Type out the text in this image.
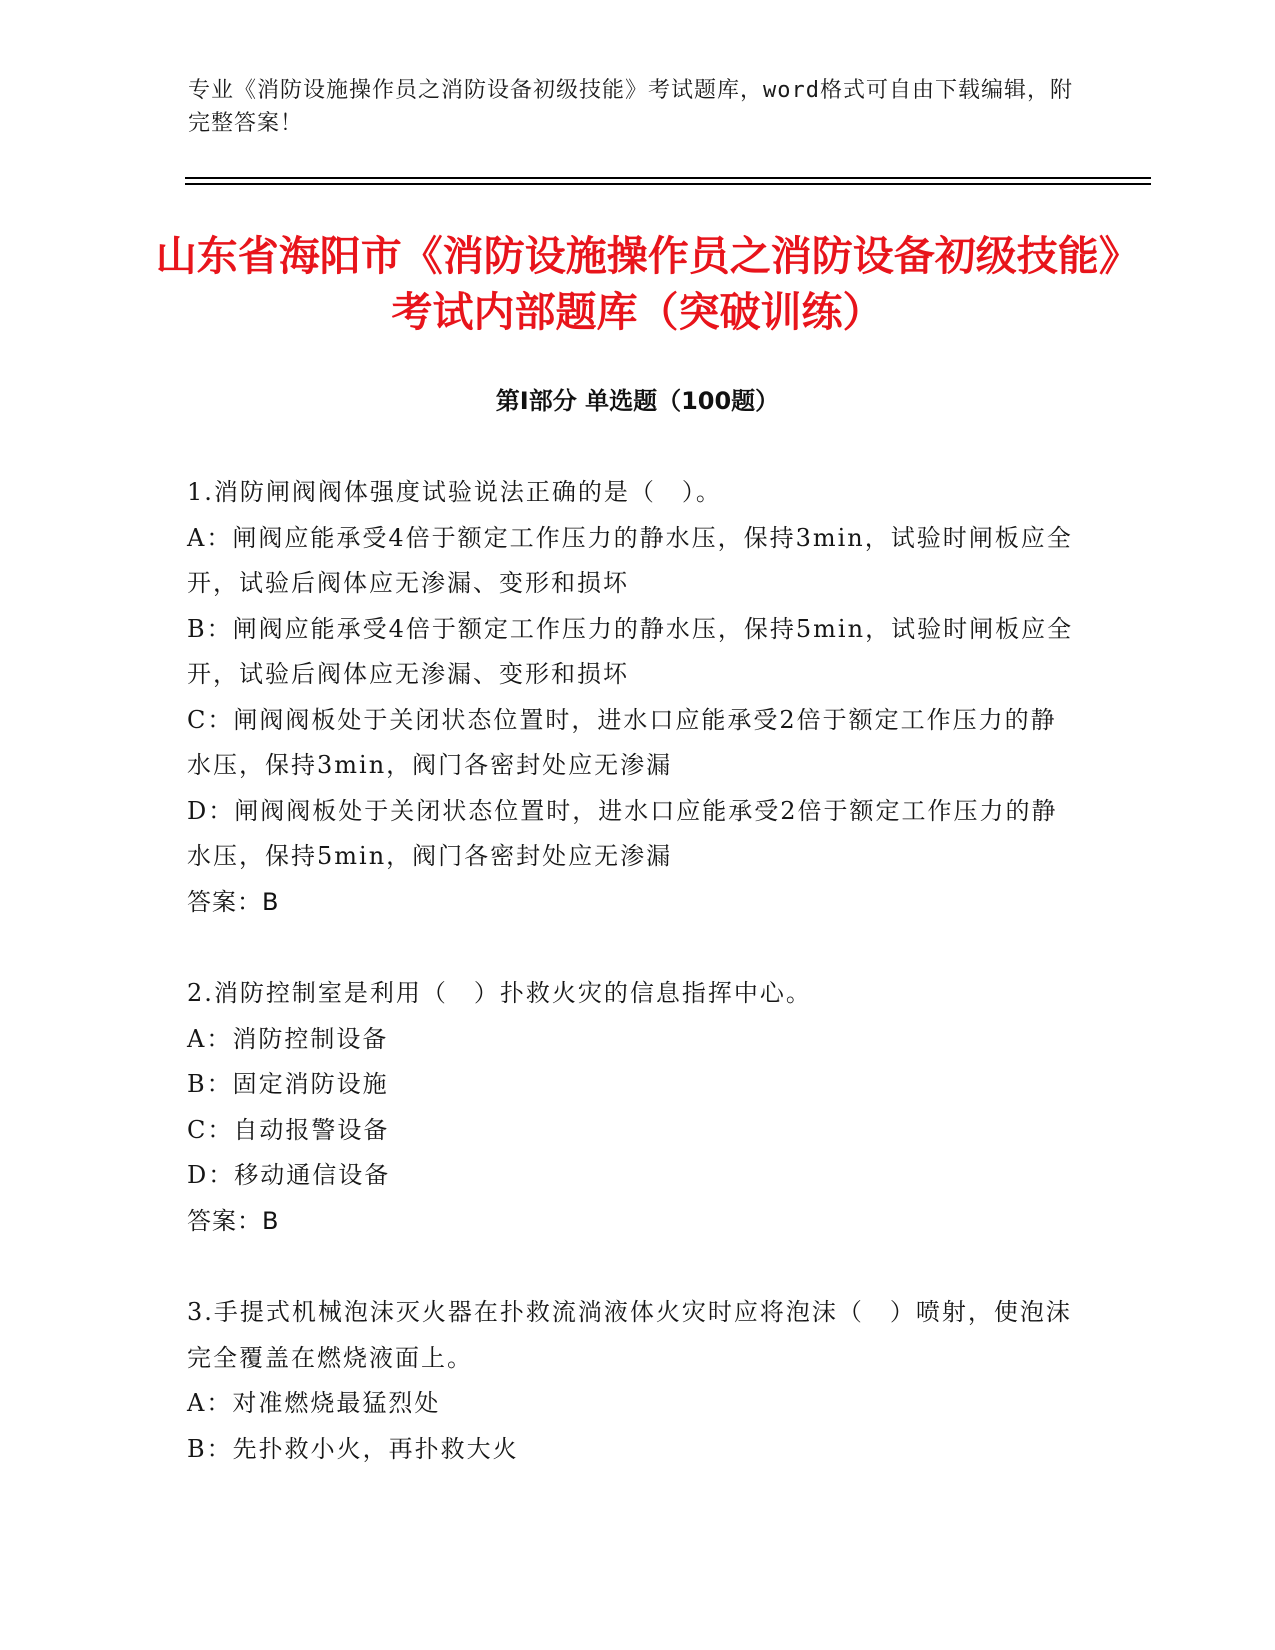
专业《消防设施操作员之消防设备初级技能》考试题库，word格式可自由下载编辑，附完整答案！
山东省海阳市《消防设施操作员之消防设备初级技能》考试内部题库（突破训练）
第Ⅰ部分 单选题（100题）

1.消防闸阀阀体强度试验说法正确的是（　）。

A：闸阀应能承受4倍于额定工作压力的静水压，保持3min，试验时闸板应全开，试验后阀体应无渗漏、变形和损坏

B：闸阀应能承受4倍于额定工作压力的静水压，保持5min，试验时闸板应全开，试验后阀体应无渗漏、变形和损坏

C：闸阀阀板处于关闭状态位置时，进水口应能承受2倍于额定工作压力的静水压，保持3min，阀门各密封处应无渗漏

D：闸阀阀板处于关闭状态位置时，进水口应能承受2倍于额定工作压力的静水压，保持5min，阀门各密封处应无渗漏

答案：B

2.消防控制室是利用（　）扑救火灾的信息指挥中心。

A：消防控制设备

B：固定消防设施

C：自动报警设备

D：移动通信设备

答案：B

3.手提式机械泡沫灭火器在扑救流淌液体火灾时应将泡沫（　）喷射，使泡沫完全覆盖在燃烧液面上。

A：对准燃烧最猛烈处

B：先扑救小火，再扑救大火
